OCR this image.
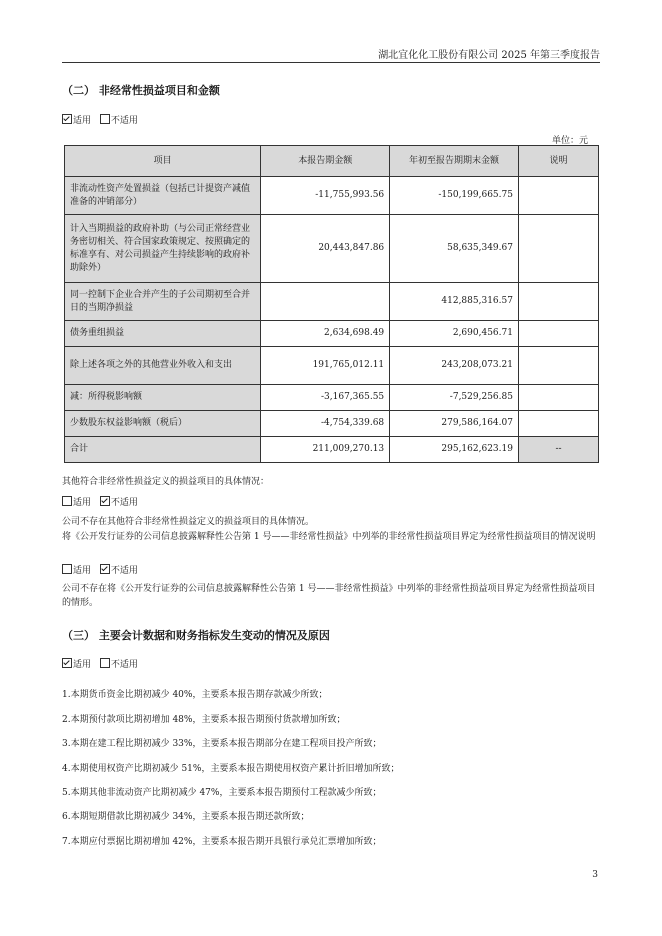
湖北宜化化工股份有限公司 2025 年第三季度报告
（二） 非经常性损益项目和金额
适用 不适用
单位：元
项目	本报告期金额	年初至报告期期末金额	说明
非流动性资产处置损益（包括已计提资产减值准备的冲销部分）	-11,755,993.56	-150,199,665.75	
计入当期损益的政府补助（与公司正常经营业务密切相关、符合国家政策规定、按照确定的标准享有、对公司损益产生持续影响的政府补助除外）	20,443,847.86	58,635,349.67	
同一控制下企业合并产生的子公司期初至合并日的当期净损益		412,885,316.57	
债务重组损益	2,634,698.49	2,690,456.71	
除上述各项之外的其他营业外收入和支出	191,765,012.11	243,208,073.21	
减：所得税影响额	-3,167,365.55	-7,529,256.85	
少数股东权益影响额（税后）	-4,754,339.68	279,586,164.07	
合计	211,009,270.13	295,162,623.19	--
其他符合非经常性损益定义的损益项目的具体情况：
适用 不适用
公司不存在其他符合非经常性损益定义的损益项目的具体情况。
将《公开发行证券的公司信息披露解释性公告第 1 号——非经常性损益》中列举的非经常性损益项目界定为经常性损益项目的情况说明
适用 不适用
公司不存在将《公开发行证券的公司信息披露解释性公告第 1 号——非经常性损益》中列举的非经常性损益项目界定为经常性损益项目的情形。
（三） 主要会计数据和财务指标发生变动的情况及原因
适用 不适用
1.本期货币资金比期初减少 40%，主要系本报告期存款减少所致；
2.本期预付款项比期初增加 48%，主要系本报告期预付货款增加所致；
3.本期在建工程比期初减少 33%，主要系本报告期部分在建工程项目投产所致；
4.本期使用权资产比期初减少 51%，主要系本报告期使用权资产累计折旧增加所致；
5.本期其他非流动资产比期初减少 47%，主要系本报告期预付工程款减少所致；
6.本期短期借款比期初减少 34%，主要系本报告期还款所致；
7.本期应付票据比期初增加 42%，主要系本报告期开具银行承兑汇票增加所致；
3
